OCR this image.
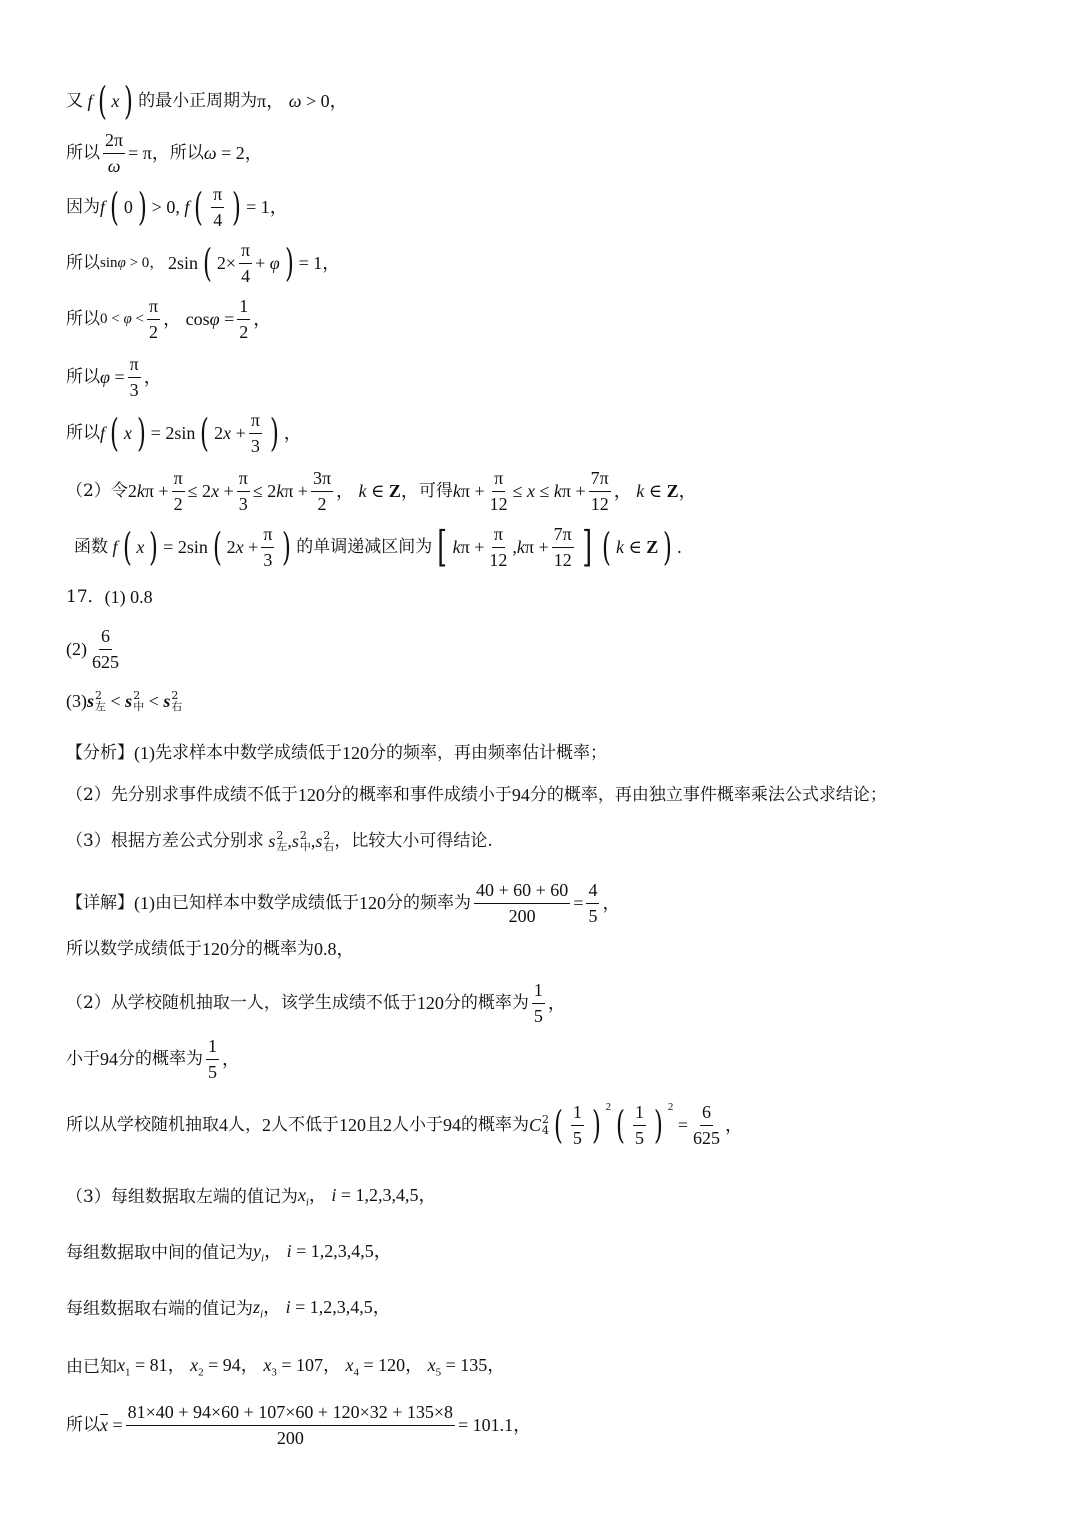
又 f ( x ) 的最小正周期为 π， ω > 0，
所以 $\frac{2\pi}{\omega} = \pi$， 所以 ω = 2，
因为 f ( 0 ) > 0, f ( $\frac{\pi}{4}$ ) = 1，
所以 sinφ > 0， 2sin ( $2\times \frac{\pi}{4} + \varphi$ ) = 1，
所以 $0 < \varphi < \frac{\pi}{2}$ ， $\cos\varphi = \frac{1}{2}$ ，
所以 $\varphi = \frac{\pi}{3}$ ，
所以 f ( x ) = 2sin ( $2x + \frac{\pi}{3}$ ) ，
（2） 令 $2k\pi + \frac{\pi}{2} \le 2x + \frac{\pi}{3} \le 2k\pi + \frac{3\pi}{2}$ ， k ∈ Z， 可得 $k\pi + \frac{\pi}{12} \le x \le k\pi + \frac{7\pi}{12}$ ， k ∈ Z，
函数 f ( x ) = 2sin ( $2x + \frac{\pi}{3}$ ) 的单调递减区间为 [ $k\pi + \frac{\pi}{12} ,k\pi + \frac{7\pi}{12}$ ] ( k ∈ Z ) .
17． (1)
0.8
$(2) \frac{6}{625}$
(3) s 2
左 < s 2
中 < s 2
右
【分析】 (1) 先求样本中数学成绩低于 120 分的频率，再由频率估计概率；
（2） 先分别求事件成绩不低于 120 分的概率和事件成绩小于 94 分的概率，再由独立事件概率乘法公式求结论；
（3） 根据方差公式分别求 s 2
左 ,s 2
中 ,s 2
右 ，比较大小可得结论.
【详解】 (1) 由已知样本中数学成绩低于 120 分的频率为 $\frac{40 + 60 + 60}{200} = \frac{4}{5}$ ，
所以数学成绩低于 120 分的概率为 0.8 ，
（2） 从学校随机抽取一人，该学生成绩不低于 120 分的概率为 $\frac{1}{5}$ ，
小于 94 分的概率为 $\frac{1}{5}$ ，
所以从学校随机抽取 4 人， 2 人不低于 120 且 2 人小于 94 的概率为 C 2
4 ( $\frac{1}{5}$ ) 2 ( $\frac{1}{5}$ ) 2
= $\frac{6}{625}$ ，
（3） 每组数据取左端的值记为 $x_i$， i = 1,2,3,4,5，
每组数据取中间的值记为 $y_i$， i = 1,2,3,4,5，
每组数据取右端的值记为 $z_i$， i = 1,2,3,4,5，
由已知 $x_1 = 81$， $x_2 = 94$， $x_3 = 107$， $x_4 = 120$， $x_5 = 135$，
所以 $\overline{x} = \frac{81\times 40 + 94\times 60 + 107\times 60 + 120\times 32 + 135\times 8}{200} = 101.1$，
